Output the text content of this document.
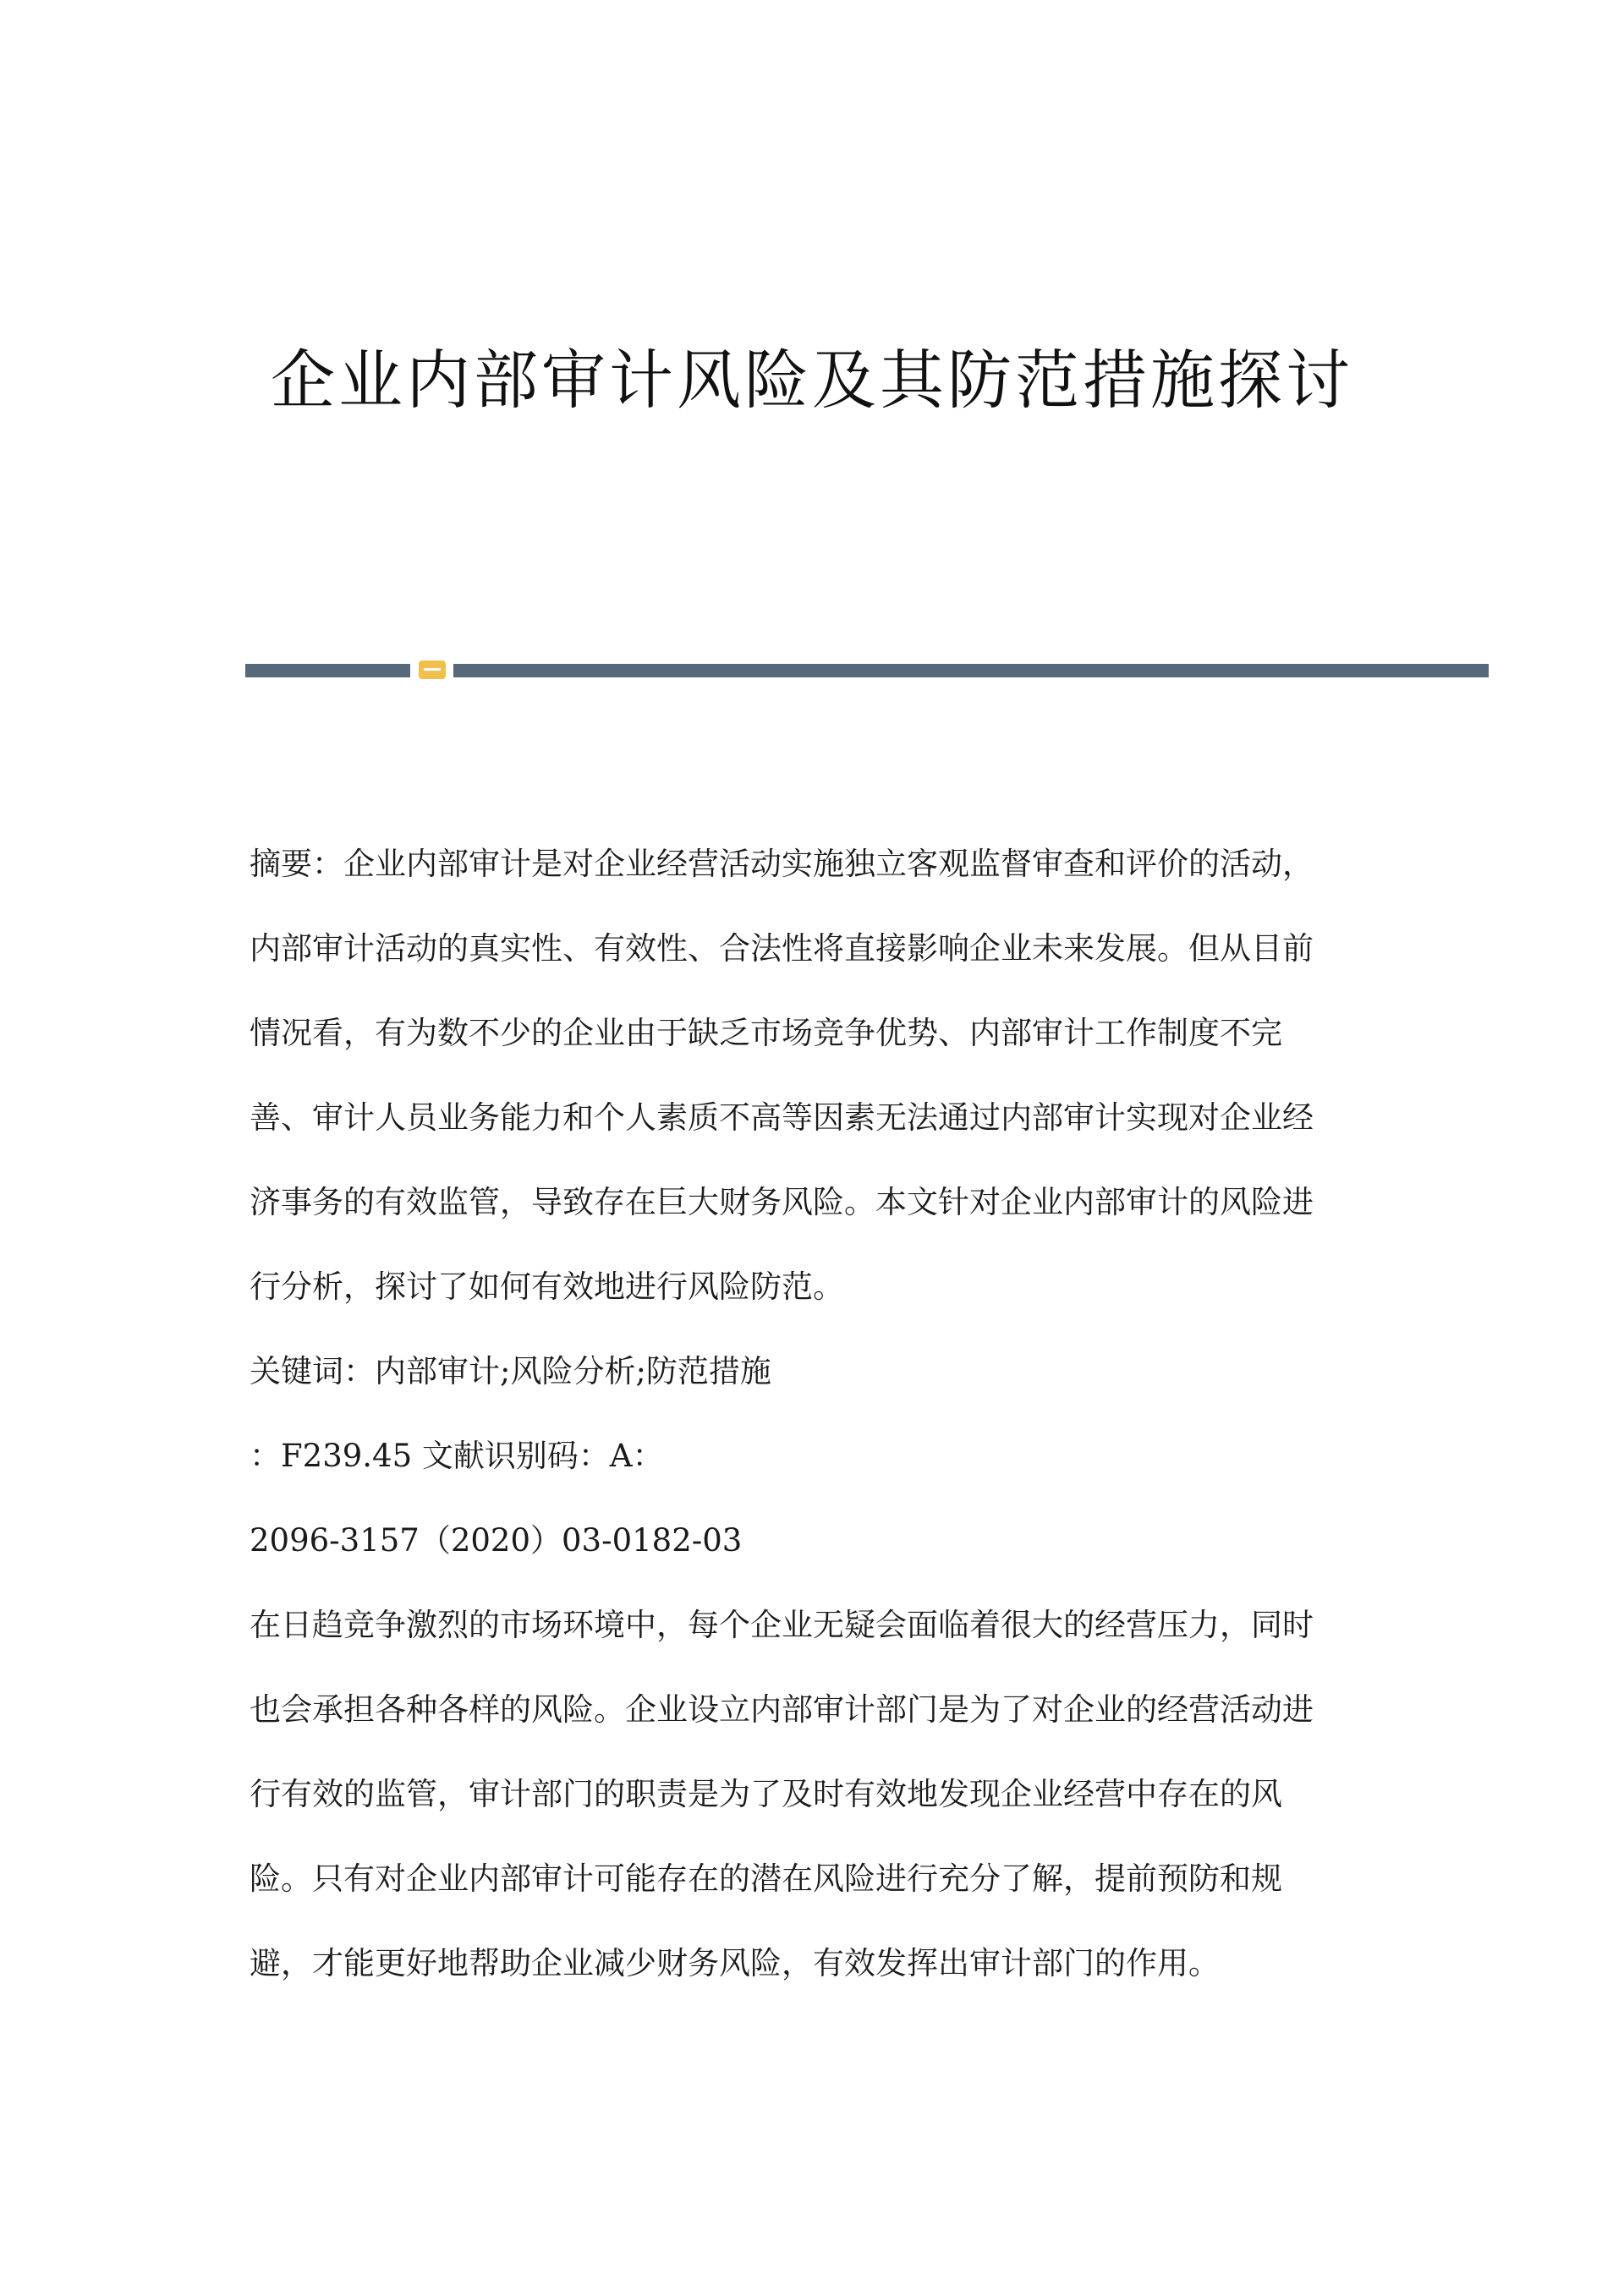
企业内部审计风险及其防范措施探讨

摘要：企业内部审计是对企业经营活动实施独立客观监督审查和评价的活动，
内部审计活动的真实性、有效性、合法性将直接影响企业未来发展。但从目前
情况看，有为数不少的企业由于缺乏市场竞争优势、内部审计工作制度不完
善、审计人员业务能力和个人素质不高等因素无法通过内部审计实现对企业经
济事务的有效监管，导致存在巨大财务风险。本文针对企业内部审计的风险进
行分析，探讨了如何有效地进行风险防范。

关键词：内部审计;风险分析;防范措施

：F239.45 文献识别码：A：

2096-3157（2020）03-0182-03

在日趋竞争激烈的市场环境中，每个企业无疑会面临着很大的经营压力，同时
也会承担各种各样的风险。企业设立内部审计部门是为了对企业的经营活动进
行有效的监管，审计部门的职责是为了及时有效地发现企业经营中存在的风
险。只有对企业内部审计可能存在的潜在风险进行充分了解，提前预防和规
避，才能更好地帮助企业减少财务风险，有效发挥出审计部门的作用。
